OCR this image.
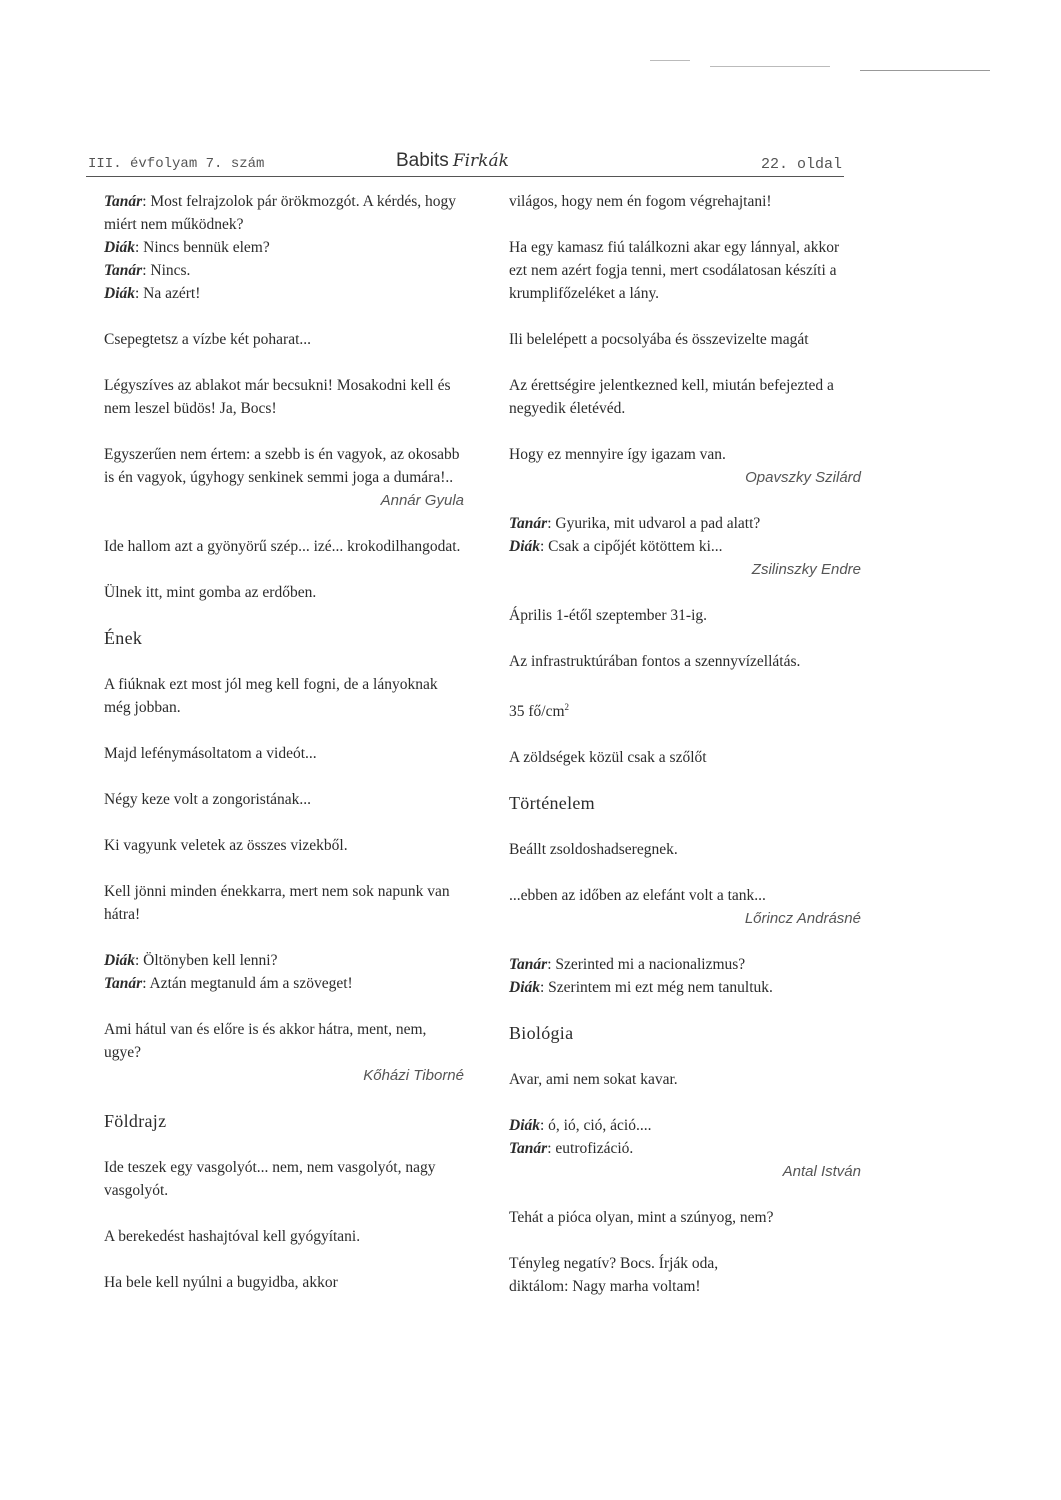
III. évfolyam 7. szám	Babits Firkák	22. oldal

Tanár: Most felrajzolok pár örökmozgót. A kérdés, hogy miért nem működnek?

Diák: Nincs bennük elem?

Tanár: Nincs.

Diák: Na azért!

Csepegtetsz a vízbe két poharat...

Légyszíves az ablakot már becsukni! Mosakodni kell és nem leszel büdös! Ja, Bocs!

Egyszerűen nem értem: a szebb is én vagyok, az okosabb is én vagyok, úgyhogy senkinek semmi joga a dumára!..

Annár Gyula

Ide hallom azt a gyönyörű szép... izé... krokodilhangodat.

Ülnek itt, mint gomba az erdőben.

Ének

A fiúknak ezt most jól meg kell fogni, de a lányoknak még jobban.

Majd lefénymásoltatom a videót...

Négy keze volt a zongoristának...

Ki vagyunk veletek az összes vizekből.

Kell jönni minden énekkarra, mert nem sok napunk van hátra!

Diák: Öltönyben kell lenni?

Tanár: Aztán megtanuld ám a szöveget!

Ami hátul van és előre is és akkor hátra, ment, nem, ugye?

Kőházi Tiborné

Földrajz

Ide teszek egy vasgolyót... nem, nem vasgolyót, nagy vasgolyót.

A berekedést hashajtóval kell gyógyítani.

Ha bele kell nyúlni a bugyidba, akkor

világos, hogy nem én fogom végrehajtani!

Ha egy kamasz fiú találkozni akar egy lánnyal, akkor ezt nem azért fogja tenni, mert csodálatosan készíti a krumplifőzeléket a lány.

Ili belelépett a pocsolyába és összevizelte magát

Az érettségire jelentkezned kell, miután befejezted a negyedik életévéd.

Hogy ez mennyire így igazam van.

Opavszky Szilárd

Tanár: Gyurika, mit udvarol a pad alatt?

Diák: Csak a cipőjét kötöttem ki...

Zsilinszky Endre

Április 1-étől szeptember 31-ig.

Az infrastruktúrában fontos a szennyvízellátás.

35 $fő/cm^2$

A zöldségek közül csak a szőlőt

Történelem

Beállt zsoldoshadseregnek.

...ebben az időben az elefánt volt a tank...

Lőrincz Andrásné

Tanár: Szerinted mi a nacionalizmus?

Diák: Szerintem mi ezt még nem tanultuk.

Biológia

Avar, ami nem sokat kavar.

Diák: ó, ió, ció, áció....

Tanár: eutrofizáció.

Antal István

Tehát a pióca olyan, mint a szúnyog, nem?

Tényleg negatív? Bocs. Írják oda,

diktálom: Nagy marha voltam!
